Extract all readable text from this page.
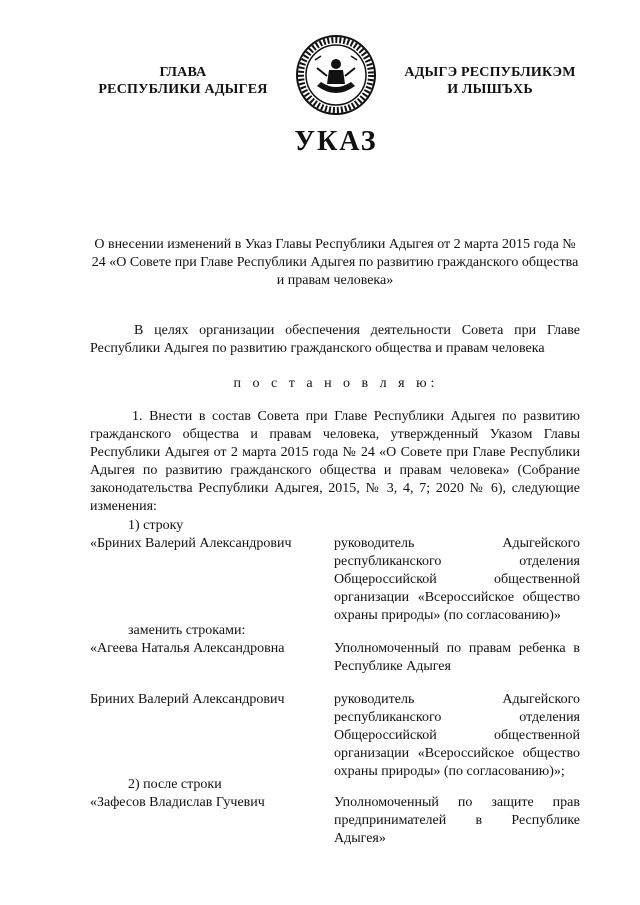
ГЛАВА
РЕСПУБЛИКИ АДЫГЕЯ
АДЫГЭ РЕСПУБЛИКЭМ
И ЛЫШЪХЬ
УКАЗ
О внесении изменений в Указ Главы Республики Адыгея от 2 марта 2015 года № 24 «О Совете при Главе Республики Адыгея по развитию гражданского общества и правам человека»
В целях организации обеспечения деятельности Совета при Главе Республики Адыгея по развитию гражданского общества и правам человека
п о с т а н о в л я ю:
1. Внести в состав Совета при Главе Республики Адыгея по развитию гражданского общества и правам человека, утвержденный Указом Главы Республики Адыгея от 2 марта 2015 года № 24 «О Совете при Главе Республики Адыгея по развитию гражданского общества и правам человека» (Собрание законодательства Республики Адыгея, 2015, № 3, 4, 7; 2020 № 6), следующие изменения:
1) строку
«Бриних Валерий Александрович	руководитель Адыгейского республиканского отделения Общероссийской общественной организации «Всероссийское общество охраны природы» (по согласованию)»
заменить строками:
«Агеева Наталья Александровна	Уполномоченный по правам ребенка в Республике Адыгея
Бриних Валерий Александрович	руководитель Адыгейского республиканского отделения Общероссийской общественной организации «Всероссийское общество охраны природы» (по согласованию)»;
2) после строки
«Зафесов Владислав Гучевич	Уполномоченный по защите прав предпринимателей в Республике Адыгея»
